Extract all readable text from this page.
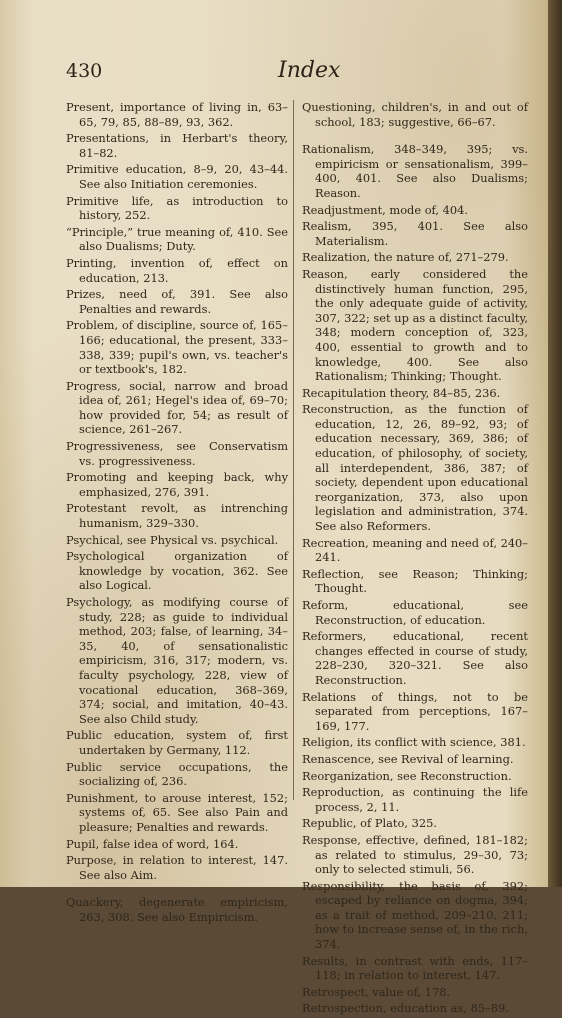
430	Index

Present, importance of living in, 63–65, 79, 85, 88–89, 93, 362.

Presentations, in Herbart's theory, 81–82.

Primitive education, 8–9, 20, 43–44. See also Initiation ceremonies.

Primitive life, as introduction to history, 252.

“Principle,” true meaning of, 410. See also Dualisms; Duty.

Printing, invention of, effect on education, 213.

Prizes, need of, 391. See also Penalties and rewards.

Problem, of discipline, source of, 165–166; educational, the present, 333–338, 339; pupil's own, vs. teacher's or textbook's, 182.

Progress, social, narrow and broad idea of, 261; Hegel's idea of, 69–70; how provided for, 54; as result of science, 261–267.

Progressiveness, see Conservatism vs. progressiveness.

Promoting and keeping back, why emphasized, 276, 391.

Protestant revolt, as intrenching humanism, 329–330.

Psychical, see Physical vs. psychical.

Psychological organization of knowledge by vocation, 362. See also Logical.

Psychology, as modifying course of study, 228; as guide to individual method, 203; false, of learning, 34–35, 40, of sensationalistic empiricism, 316, 317; modern, vs. faculty psychology, 228, view of vocational education, 368–369, 374; social, and imitation, 40–43. See also Child study.

Public education, system of, first undertaken by Germany, 112.

Public service occupations, the socializing of, 236.

Punishment, to arouse interest, 152; systems of, 65. See also Pain and pleasure; Penalties and rewards.

Pupil, false idea of word, 164.

Purpose, in relation to interest, 147. See also Aim.

Quackery, degenerate empiricism, 263, 308. See also Empiricism.

Questioning, children's, in and out of school, 183; suggestive, 66–67.

Rationalism, 348–349, 395; vs. empiricism or sensationalism, 399–400, 401. See also Dualisms; Reason.

Readjustment, mode of, 404.

Realism, 395, 401. See also Materialism.

Realization, the nature of, 271–279.

Reason, early considered the distinctively human function, 295, the only adequate guide of activity, 307, 322; set up as a distinct faculty, 348; modern conception of, 323, 400, essential to growth and to knowledge, 400. See also Rationalism; Thinking; Thought.

Recapitulation theory, 84–85, 236.

Reconstruction, as the function of education, 12, 26, 89–92, 93; of education necessary, 369, 386; of education, of philosophy, of society, all interdependent, 386, 387; of society, dependent upon educational reorganization, 373, also upon legislation and administration, 374. See also Reformers.

Recreation, meaning and need of, 240–241.

Reflection, see Reason; Thinking; Thought.

Reform, educational, see Reconstruction, of education.

Reformers, educational, recent changes effected in course of study, 228–230, 320–321. See also Reconstruction.

Relations of things, not to be separated from perceptions, 167–169, 177.

Religion, its conflict with science, 381.

Renascence, see Revival of learning.

Reorganization, see Reconstruction.

Reproduction, as continuing the life process, 2, 11.

Republic, of Plato, 325.

Response, effective, defined, 181–182; as related to stimulus, 29–30, 73; only to selected stimuli, 56.

Responsibility, the basis of, 392; escaped by reliance on dogma, 394; as a trait of method, 209–210, 211; how to increase sense of, in the rich, 374.

Results, in contrast with ends, 117–118; in relation to interest, 147.

Retrospect, value of, 178.

Retrospection, education as, 85–89.
